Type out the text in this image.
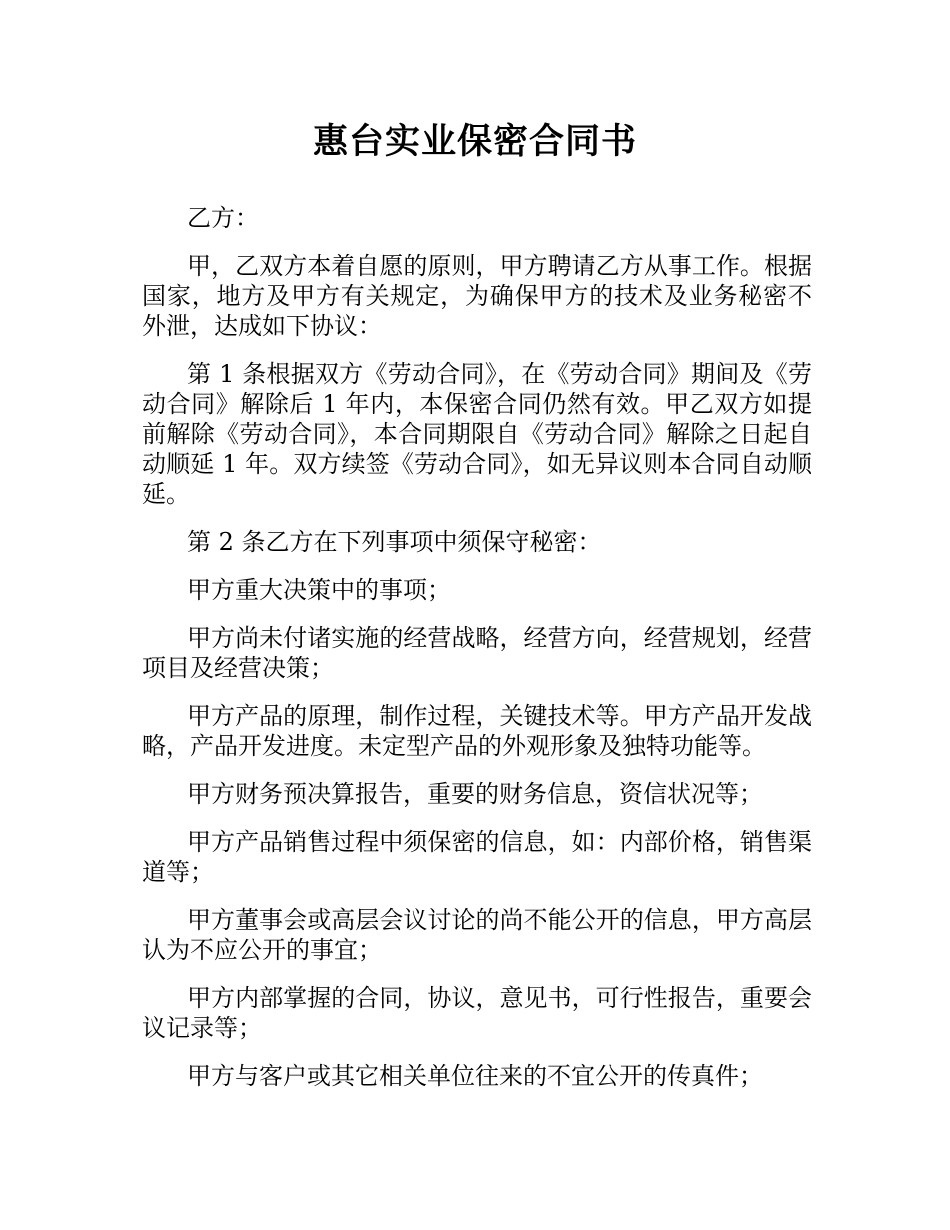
惠台实业保密合同书

乙方：

甲，乙双方本着自愿的原则，甲方聘请乙方从事工作。根据国家，地方及甲方有关规定，为确保甲方的技术及业务秘密不外泄，达成如下协议：

第 1 条根据双方《劳动合同》，在《劳动合同》期间及《劳动合同》解除后 1 年内，本保密合同仍然有效。甲乙双方如提前解除《劳动合同》，本合同期限自《劳动合同》解除之日起自动顺延 1 年。双方续签《劳动合同》，如无异议则本合同自动顺延。

第 2 条乙方在下列事项中须保守秘密：

甲方重大决策中的事项；

甲方尚未付诸实施的经营战略，经营方向，经营规划，经营项目及经营决策；

甲方产品的原理，制作过程，关键技术等。甲方产品开发战略，产品开发进度。未定型产品的外观形象及独特功能等。

甲方财务预决算报告，重要的财务信息，资信状况等；

甲方产品销售过程中须保密的信息，如：内部价格，销售渠道等；

甲方董事会或高层会议讨论的尚不能公开的信息，甲方高层认为不应公开的事宜；

甲方内部掌握的合同，协议，意见书，可行性报告，重要会议记录等；

甲方与客户或其它相关单位往来的不宜公开的传真件；
